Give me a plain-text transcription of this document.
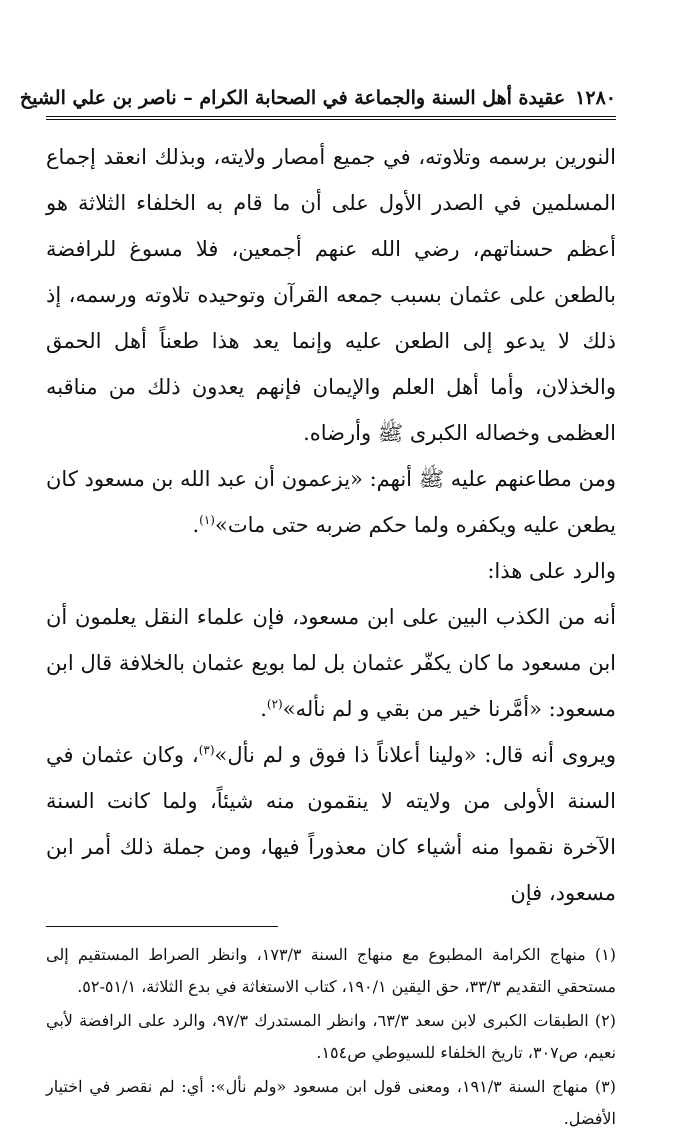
١٢٨٠
عقيدة أهل السنة والجماعة في الصحابة الكرام – ناصر بن علي الشيخ

النورين برسمه وتلاوته، في جميع أمصار ولايته، وبذلك انعقد إجماع المسلمين في الصدر الأول على أن ما قام به الخلفاء الثلاثة هو أعظم حسناتهم، رضي الله عنهم أجمعين، فلا مسوغ للرافضة بالطعن على عثمان بسبب جمعه القرآن وتوحيده تلاوته ورسمه، إذ ذلك لا يدعو إلى الطعن عليه وإنما يعد هذا طعناً أهل الحمق والخذلان، وأما أهل العلم والإيمان فإنهم يعدون ذلك من مناقبه العظمى وخصاله الكبرى ﷺ وأرضاه.

ومن مطاعنهم عليه ﷺ أنهم: «يزعمون أن عبد الله بن مسعود كان يطعن عليه ويكفره ولما حكم ضربه حتى مات»$^{(١)}$.

والرد على هذا:

أنه من الكذب البين على ابن مسعود، فإن علماء النقل يعلمون أن ابن مسعود ما كان يكفّر عثمان بل لما بويع عثمان بالخلافة قال ابن مسعود: «أمَّرنا خير من بقي و لم نأله»$^{(٢)}$.

ويروى أنه قال: «ولينا أعلاناً ذا فوق و لم نأل»$^{(٣)}$، وكان عثمان في السنة الأولى من ولايته لا ينقمون منه شيئاً، ولما كانت السنة الآخرة نقموا منه أشياء كان معذوراً فيها، ومن جملة ذلك أمر ابن مسعود، فإن

(١) منهاج الكرامة المطبوع مع منهاج السنة ١٧٣/٣، وانظر الصراط المستقيم إلى مستحقي التقديم ٣٣/٣، حق اليقين ١٩٠/١، كتاب الاستغاثة في بدع الثلاثة، ٥١/١-٥٢.

(٢) الطبقات الكبرى لابن سعد ٦٣/٣، وانظر المستدرك ٩٧/٣، والرد على الرافضة لأبي نعيم، ص٣٠٧، تاريخ الخلفاء للسيوطي ص١٥٤.

(٣) منهاج السنة ١٩١/٣، ومعنى قول ابن مسعود «ولم نأل»: أي: لم نقصر في اختيار الأفضل.
